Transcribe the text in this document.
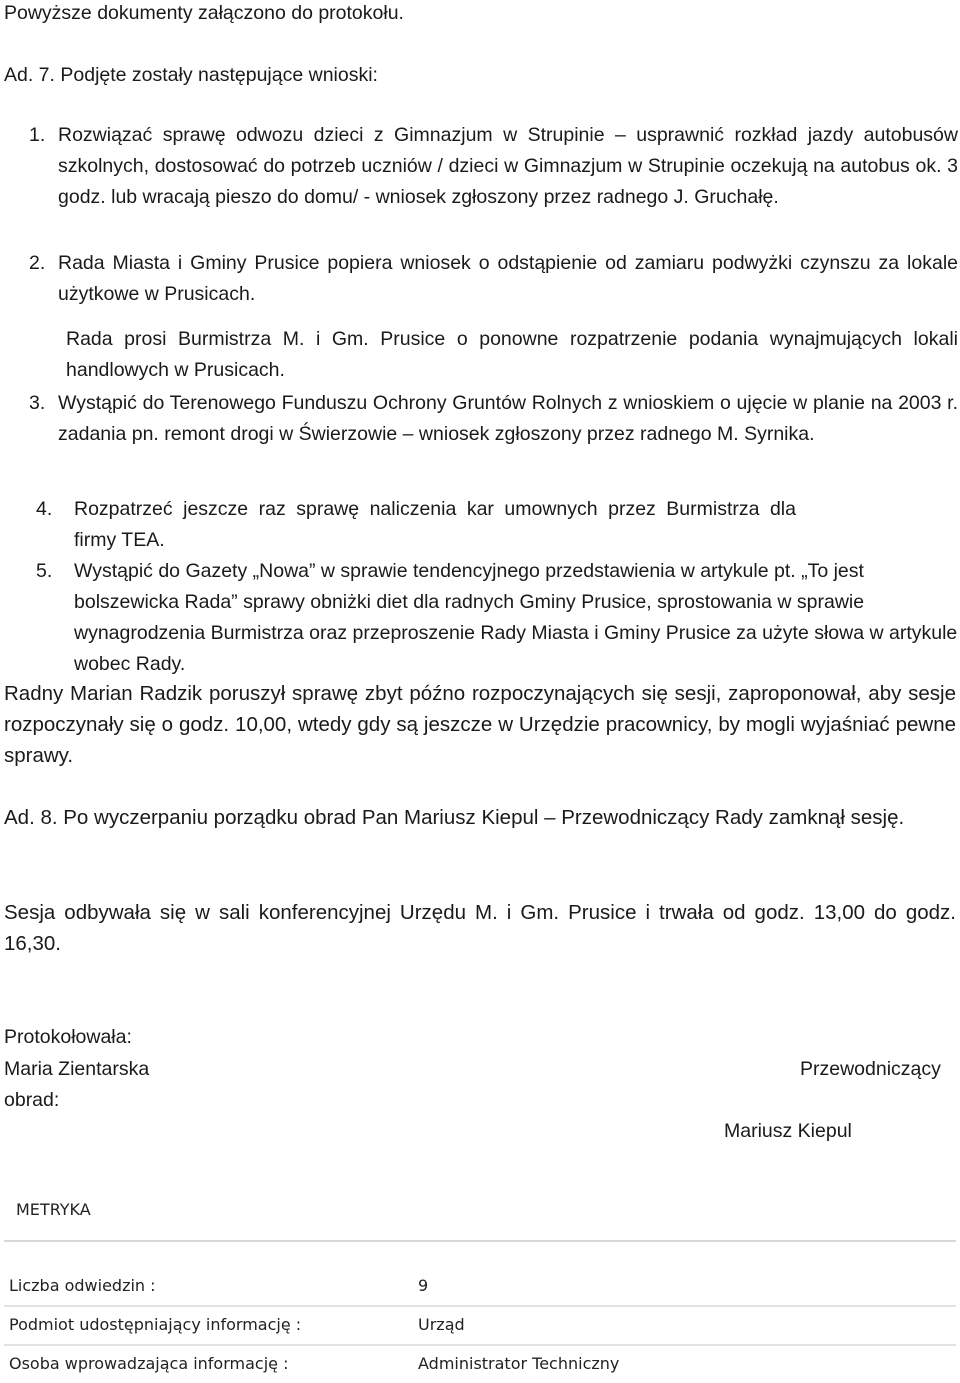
Powyższe dokumenty załączono do protokołu.

Ad. 7. Podjęte zostały następujące wnioski:

1. Rozwiązać sprawę odwozu dzieci z Gimnazjum w Strupinie – usprawnić rozkład jazdy autobusów szkolnych, dostosować do potrzeb uczniów / dzieci w Gimnazjum w Strupinie oczekują na autobus ok. 3 godz. lub wracają pieszo do domu/ - wniosek zgłoszony przez radnego J. Gruchałę.

2. Rada Miasta i Gminy Prusice popiera wniosek o odstąpienie od zamiaru podwyżki czynszu za lokale użytkowe w Prusicach.

Rada prosi Burmistrza M. i Gm. Prusice o ponowne rozpatrzenie podania wynajmujących lokali handlowych w Prusicach.

3. Wystąpić do Terenowego Funduszu Ochrony Gruntów Rolnych z wnioskiem o ujęcie w planie na 2003 r. zadania pn. remont drogi w Świerzowie – wniosek zgłoszony przez radnego M. Syrnika.

4. Rozpatrzeć jeszcze raz sprawę naliczenia kar umownych przez Burmistrza dla firmy TEA.

5. Wystąpić do Gazety „Nowa” w sprawie tendencyjnego przedstawienia w artykule pt. „To jest bolszewicka Rada” sprawy obniżki diet dla radnych Gminy Prusice, sprostowania w sprawie wynagrodzenia Burmistrza oraz przeproszenie Rady Miasta i Gminy Prusice za użyte słowa w artykule wobec Rady.

Radny Marian Radzik poruszył sprawę zbyt późno rozpoczynających się sesji, zaproponował, aby sesje rozpoczynały się o godz. 10,00, wtedy gdy są jeszcze w Urzędzie pracownicy, by mogli wyjaśniać pewne sprawy.

Ad. 8. Po wyczerpaniu porządku obrad Pan Mariusz Kiepul – Przewodniczący Rady zamknął sesję.

Sesja odbywała się w sali konferencyjnej Urzędu M. i Gm. Prusice i trwała od godz. 13,00 do godz. 16,30.

Protokołowała:
Maria Zientarska	Przewodniczący
obrad:
Mariusz Kiepul
METRYKA
Liczba odwiedzin :	9
Podmiot udostępniający informację :	Urząd
Osoba wprowadzająca informację :	Administrator Techniczny
